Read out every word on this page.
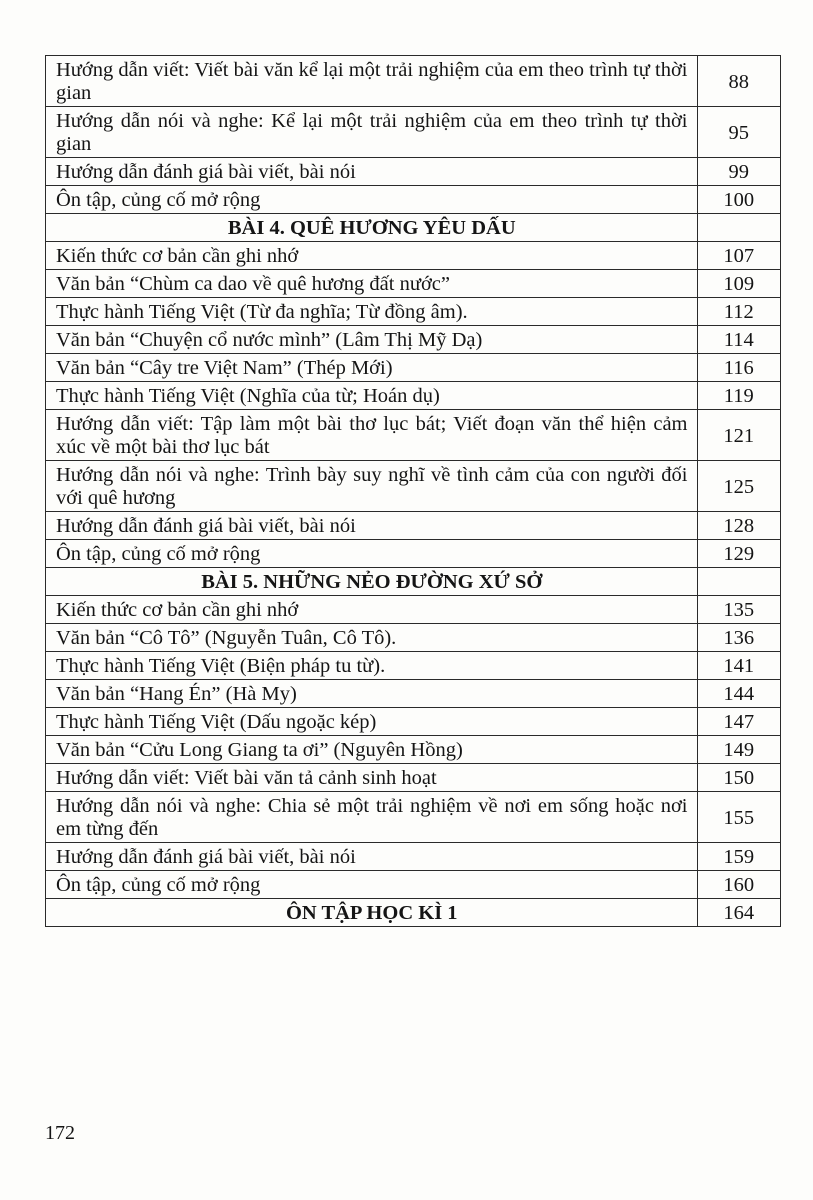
Hướng dẫn viết: Viết bài văn kể lại một trải nghiệm của em theo trình tự thời gian	88
Hướng dẫn nói và nghe: Kể lại một trải nghiệm của em theo trình tự thời gian	95
Hướng dẫn đánh giá bài viết, bài nói	99
Ôn tập, củng cố mở rộng	100
BÀI 4. QUÊ HƯƠNG YÊU DẤU	
Kiến thức cơ bản cần ghi nhớ	107
Văn bản “Chùm ca dao về quê hương đất nước”	109
Thực hành Tiếng Việt (Từ đa nghĩa; Từ đồng âm).	112
Văn bản “Chuyện cổ nước mình” (Lâm Thị Mỹ Dạ)	114
Văn bản “Cây tre Việt Nam” (Thép Mới)	116
Thực hành Tiếng Việt (Nghĩa của từ; Hoán dụ)	119
Hướng dẫn viết: Tập làm một bài thơ lục bát; Viết đoạn văn thể hiện cảm xúc về một bài thơ lục bát	121
Hướng dẫn nói và nghe: Trình bày suy nghĩ về tình cảm của con người đối với quê hương	125
Hướng dẫn đánh giá bài viết, bài nói	128
Ôn tập, củng cố mở rộng	129
BÀI 5. NHỮNG NẺO ĐƯỜNG XỨ SỞ	
Kiến thức cơ bản cần ghi nhớ	135
Văn bản “Cô Tô” (Nguyễn Tuân, Cô Tô).	136
Thực hành Tiếng Việt (Biện pháp tu từ).	141
Văn bản “Hang Én” (Hà My)	144
Thực hành Tiếng Việt (Dấu ngoặc kép)	147
Văn bản “Cửu Long Giang ta ơi” (Nguyên Hồng)	149
Hướng dẫn viết: Viết bài văn tả cảnh sinh hoạt	150
Hướng dẫn nói và nghe: Chia sẻ một trải nghiệm về nơi em sống hoặc nơi em từng đến	155
Hướng dẫn đánh giá bài viết, bài nói	159
Ôn tập, củng cố mở rộng	160
ÔN TẬP HỌC KÌ 1	164
172
